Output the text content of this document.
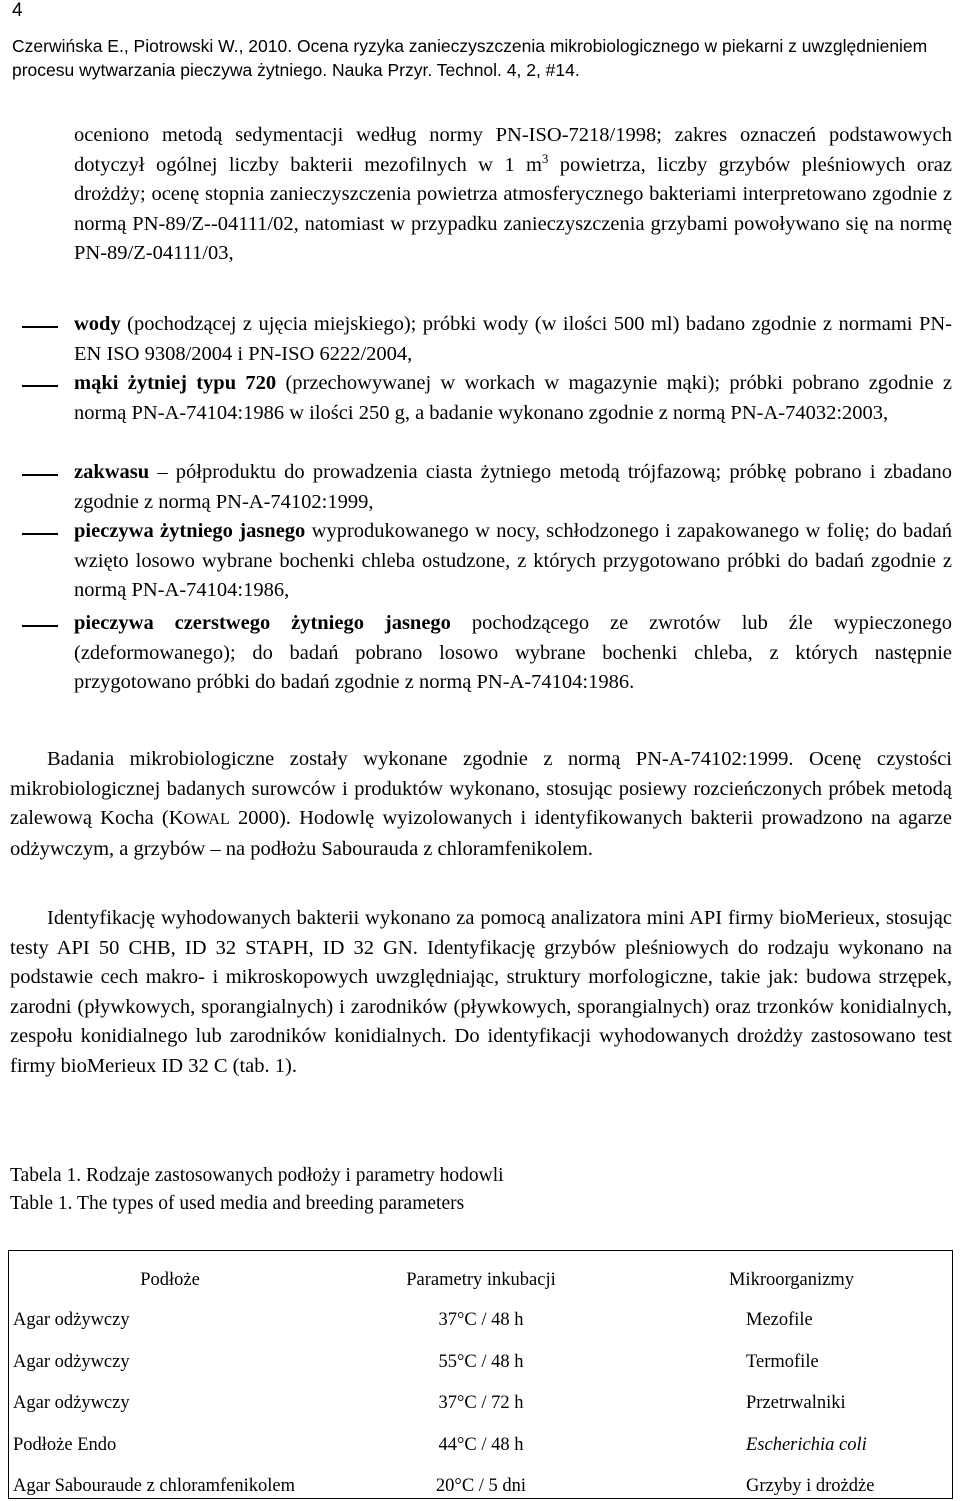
4
Czerwińska E., Piotrowski W., 2010. Ocena ryzyka zanieczyszczenia mikrobiologicznego w piekarni z uwzględnieniem procesu wytwarzania pieczywa żytniego. Nauka Przyr. Technol. 4, 2, #14.
oceniono metodą sedymentacji według normy PN-ISO-7218/1998; zakres oznaczeń podstawowych dotyczył ogólnej liczby bakterii mezofilnych w 1 $m^3$ powietrza, liczby grzybów pleśniowych oraz drożdży; ocenę stopnia zanieczyszczenia powietrza atmosferycznego bakteriami interpretowano zgodnie z normą PN-89/Z--04111/02, natomiast w przypadku zanieczyszczenia grzybami powoływano się na normę PN-89/Z-04111/03,
wody (pochodzącej z ujęcia miejskiego); próbki wody (w ilości 500 ml) badano zgodnie z normami PN-EN ISO 9308/2004 i PN-ISO 6222/2004,
mąki żytniej typu 720 (przechowywanej w workach w magazynie mąki); próbki pobrano zgodnie z normą PN-A-74104:1986 w ilości 250 g, a badanie wykonano zgodnie z normą PN-A-74032:2003,
zakwasu – półproduktu do prowadzenia ciasta żytniego metodą trójfazową; próbkę pobrano i zbadano zgodnie z normą PN-A-74102:1999,
pieczywa żytniego jasnego wyprodukowanego w nocy, schłodzonego i zapakowanego w folię; do badań wzięto losowo wybrane bochenki chleba ostudzone, z których przygotowano próbki do badań zgodnie z normą PN-A-74104:1986,
pieczywa czerstwego żytniego jasnego pochodzącego ze zwrotów lub źle wypieczonego (zdeformowanego); do badań pobrano losowo wybrane bochenki chleba, z których następnie przygotowano próbki do badań zgodnie z normą PN-A-74104:1986.
Badania mikrobiologiczne zostały wykonane zgodnie z normą PN-A-74102:1999. Ocenę czystości mikrobiologicznej badanych surowców i produktów wykonano, stosując posiewy rozcieńczonych próbek metodą zalewową Kocha (KOWAL 2000). Hodowlę wyizolowanych i identyfikowanych bakterii prowadzono na agarze odżywczym, a grzybów – na podłożu Sabourauda z chloramfenikolem.
Identyfikację wyhodowanych bakterii wykonano za pomocą analizatora mini API firmy bioMerieux, stosując testy API 50 CHB, ID 32 STAPH, ID 32 GN. Identyfikację grzybów pleśniowych do rodzaju wykonano na podstawie cech makro- i mikroskopowych uwzględniając, struktury morfologiczne, takie jak: budowa strzępek, zarodni (pływkowych, sporangialnych) i zarodników (pływkowych, sporangialnych) oraz trzonków konidialnych, zespołu konidialnego lub zarodników konidialnych. Do identyfikacji wyhodowanych drożdży zastosowano test firmy bioMerieux ID 32 C (tab. 1).
Tabela 1. Rodzaje zastosowanych podłoży i parametry hodowli
Table 1. The types of used media and breeding parameters
Podłoże	Parametry inkubacji	Mikroorganizmy
Agar odżywczy	37°C / 48 h	Mezofile
Agar odżywczy	55°C / 48 h	Termofile
Agar odżywczy	37°C / 72 h	Przetrwalniki
Podłoże Endo	44°C / 48 h	Escherichia coli
Agar Sabouraude z chloramfenikolem	20°C / 5 dni	Grzyby i drożdże
